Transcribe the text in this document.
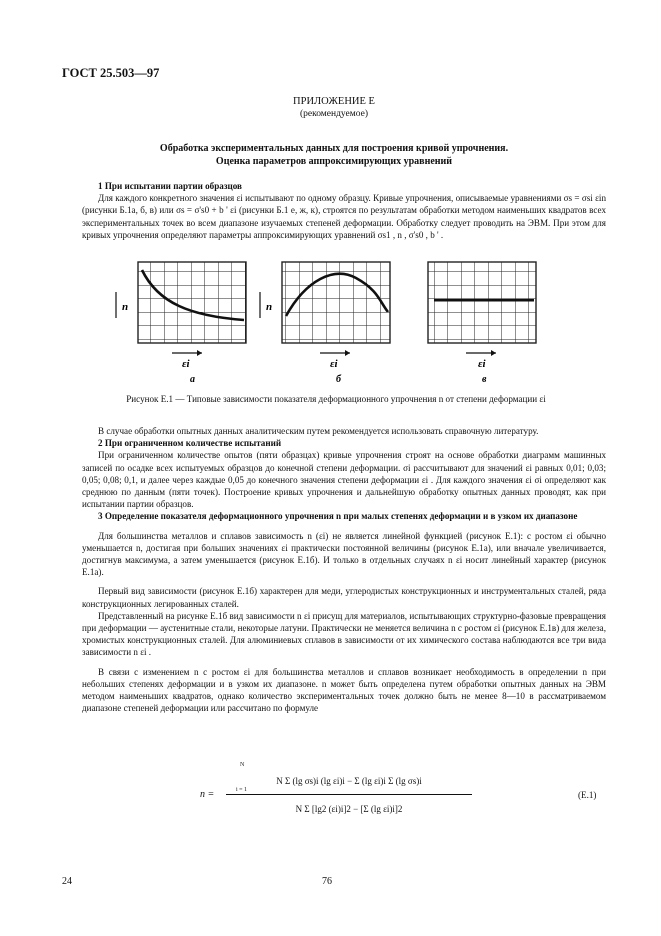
ГОСТ 25.503—97
ПРИЛОЖЕНИЕ Е
(рекомендуемое)
Обработка экспериментальных данных для построения кривой упрочнения.
Оценка параметров аппроксимирующих уравнений

1 При испытании партии образцов

Для каждого конкретного значения εi испытывают по одному образцу. Кривые упрочнения, описываемые уравнениями σs = σsi εin (рисунки Б.1а, б, в) или σs = σ's0 + b ' εi (рисунки Б.1 е, ж, к), строятся по результатам обработки методом наименьших квадратов всех экспериментальных точек во всем диапазоне изучаемых степеней деформации. Обработку следует проводить на ЭВМ. При этом для кривых упрочнения определяют параметры аппроксимирующих уравнений σs1 , n , σ's0 , b ' .

n
εi
а
n
εi
б
εi
в
Рисунок Е.1 — Типовые зависимости показателя деформационного упрочнения n от степени деформации εi

В случае обработки опытных данных аналитическим путем рекомендуется использовать справочную литературу.

2 При ограниченном количестве испытаний

При ограниченном количестве опытов (пяти образцах) кривые упрочнения строят на основе обработки диаграмм машинных записей по осадке всех испытуемых образцов до конечной степени деформации. σi рассчитывают для значений εi равных 0,01; 0,03; 0,05; 0,08; 0,1, и далее через каждые 0,05 до конечного значения степени деформации εi . Для каждого значения εi σi определяют как среднюю по данным (пяти точек). Построение кривых упрочнения и дальнейшую обработку опытных данных проводят, как при испытании партии образцов.

3 Определение показателя деформационного упрочнения n при малых степенях деформации и в узком их диапазоне

Для большинства металлов и сплавов зависимость n (εi) не является линейной функцией (рисунок Е.1): с ростом εi обычно уменьшается n, достигая при больших значениях εi практически постоянной величины (рисунок Е.1а), или вначале увеличивается, достигнув максимума, а затем уменьшается (рисунок Е.1б). И только в отдельных случаях n εi носит линейный характер (рисунок Е.1а).

Первый вид зависимости (рисунок Е.1б) характерен для меди, углеродистых конструкционных и инструментальных сталей, ряда конструкционных легированных сталей.

Представленный на рисунке Е.1б вид зависимости n εi присущ для материалов, испытывающих структурно-фазовые превращения при деформации — аустенитные стали, некоторые латуни. Практически не меняется величина n с ростом εi (рисунок Е.1в) для железа, хромистых конструкционных сталей. Для алюминиевых сплавов в зависимости от их химического состава наблюдаются все три вида зависимости n εi .

В связи с изменением n с ростом εi для большинства металлов и сплавов возникает необходимость в определении n при небольших степенях деформации и в узком их диапазоне. n может быть определена путем обработки опытных данных на ЭВМ методом наименьших квадратов, однако количество экспериментальных точек должно быть не менее 8—10 в рассматриваемом диапазоне степеней деформации или рассчитано по формуле

n =
N Σ (lg σs)i (lg εi)i − Σ (lg εi)i Σ (lg σs)i
N Σ [lg2 (εi)i]2 − [Σ (lg εi)i]2
N
i = 1	(Е.1)
24	76
